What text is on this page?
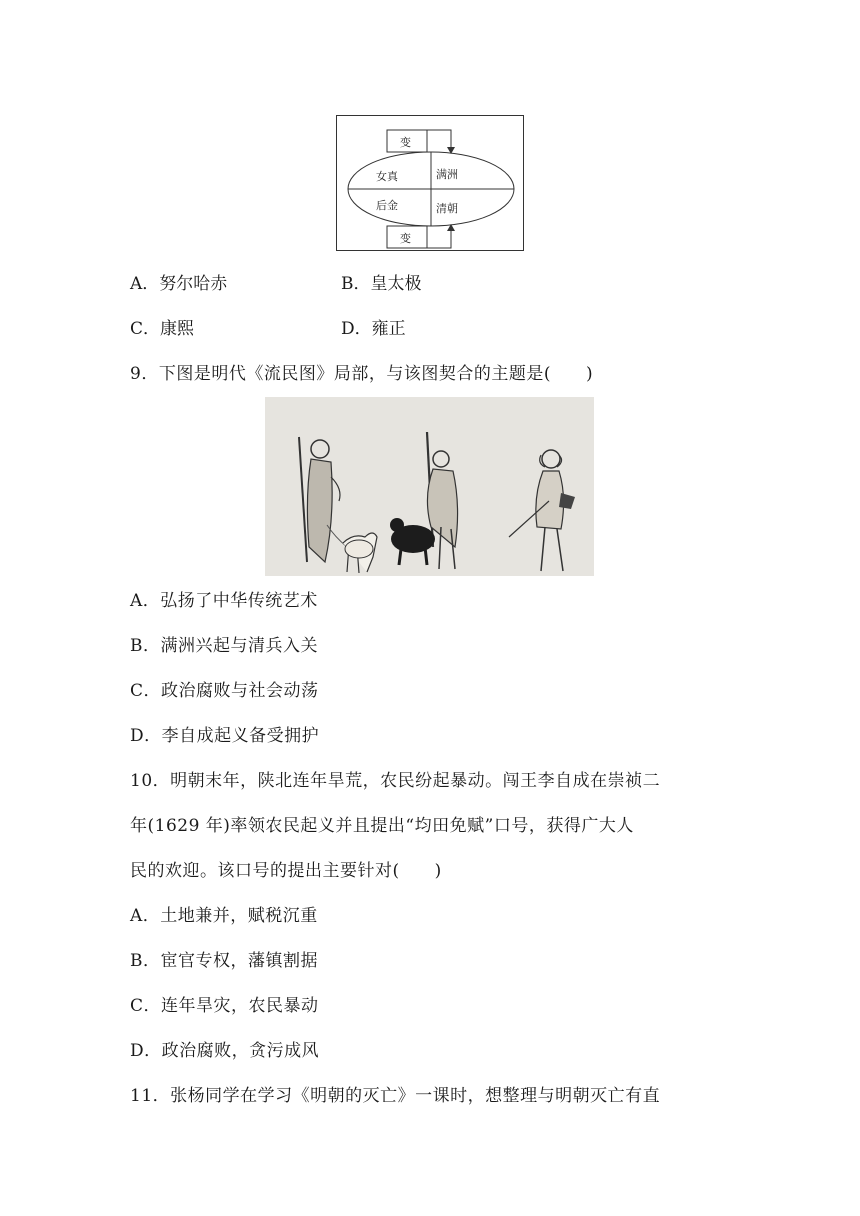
变
变
女真	满洲
后金	清朝
A．努尔哈赤	B．皇太极
C．康熙	D．雍正
9．下图是明代《流民图》局部，与该图契合的主题是(　　)
A．弘扬了中华传统艺术
B．满洲兴起与清兵入关
C．政治腐败与社会动荡
D．李自成起义备受拥护
10．明朝末年，陕北连年旱荒，农民纷起暴动。闯王李自成在崇祯二
年(1629 年)率领农民起义并且提出“均田免赋”口号，获得广大人
民的欢迎。该口号的提出主要针对(　　)
A．土地兼并，赋税沉重
B．宦官专权，藩镇割据
C．连年旱灾，农民暴动
D．政治腐败，贪污成风
11．张杨同学在学习《明朝的灭亡》一课时，想整理与明朝灭亡有直
